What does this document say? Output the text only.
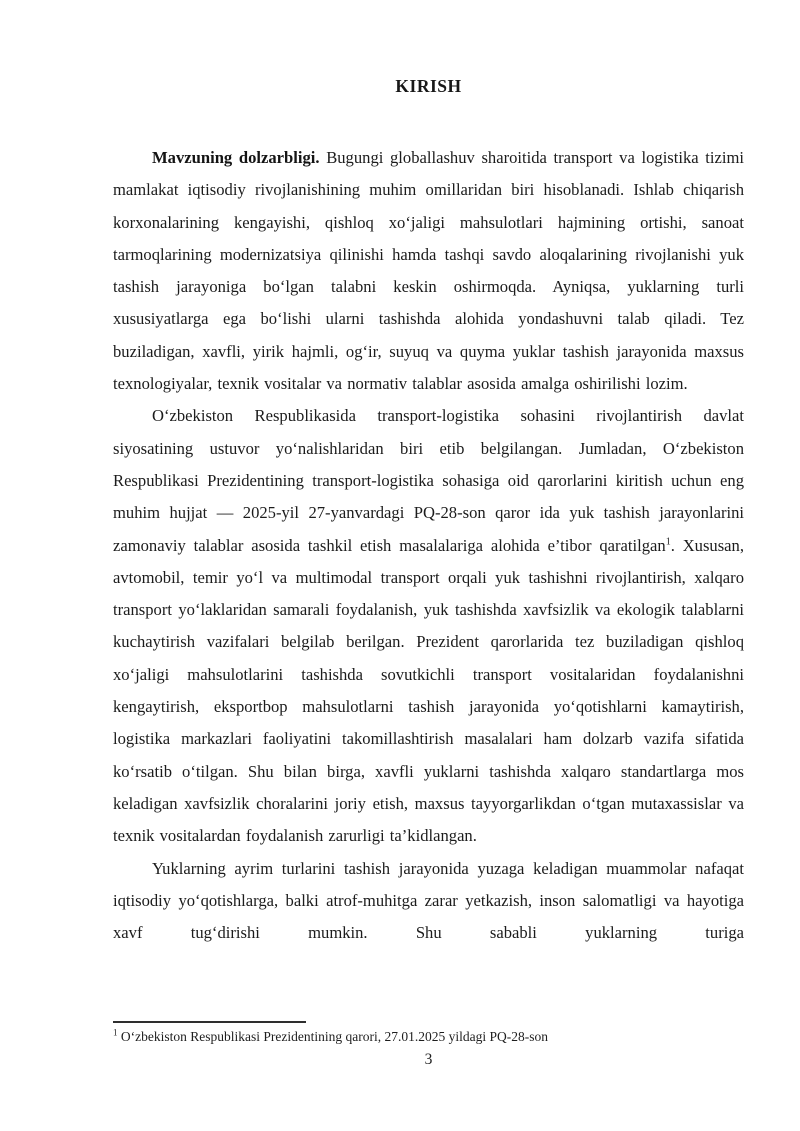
KIRISH

Mavzuning dolzarbligi. Bugungi globallashuv sharoitida transport va logistika tizimi mamlakat iqtisodiy rivojlanishining muhim omillaridan biri hisoblanadi. Ishlab chiqarish korxonalarining kengayishi, qishloq xo‘jaligi mahsulotlari hajmining ortishi, sanoat tarmoqlarining modernizatsiya qilinishi hamda tashqi savdo aloqalarining rivojlanishi yuk tashish jarayoniga bo‘lgan talabni keskin oshirmoqda. Ayniqsa, yuklarning turli xususiyatlarga ega bo‘lishi ularni tashishda alohida yondashuvni talab qiladi. Tez buziladigan, xavfli, yirik hajmli, og‘ir, suyuq va quyma yuklar tashish jarayonida maxsus texnologiyalar, texnik vositalar va normativ talablar asosida amalga oshirilishi lozim.

O‘zbekiston Respublikasida transport-logistika sohasini rivojlantirish davlat siyosatining ustuvor yo‘nalishlaridan biri etib belgilangan. Jumladan, O‘zbekiston Respublikasi Prezidentining transport-logistika sohasiga oid qarorlarini kiritish uchun eng muhim hujjat — 2025-yil 27-yanvardagi PQ-28-son qaror ida yuk tashish jarayonlarini zamonaviy talablar asosida tashkil etish masalalariga alohida e’tibor qaratilgan$^1$. Xususan, avtomobil, temir yo‘l va multimodal transport orqali yuk tashishni rivojlantirish, xalqaro transport yo‘laklaridan samarali foydalanish, yuk tashishda xavfsizlik va ekologik talablarni kuchaytirish vazifalari belgilab berilgan. Prezident qarorlarida tez buziladigan qishloq xo‘jaligi mahsulotlarini tashishda sovutkichli transport vositalaridan foydalanishni kengaytirish, eksportbop mahsulotlarni tashish jarayonida yo‘qotishlarni kamaytirish, logistika markazlari faoliyatini takomillashtirish masalalari ham dolzarb vazifa sifatida ko‘rsatib o‘tilgan. Shu bilan birga, xavfli yuklarni tashishda xalqaro standartlarga mos keladigan xavfsizlik choralarini joriy etish, maxsus tayyorgarlikdan o‘tgan mutaxassislar va texnik vositalardan foydalanish zarurligi ta’kidlangan.

Yuklarning ayrim turlarini tashish jarayonida yuzaga keladigan muammolar nafaqat iqtisodiy yo‘qotishlarga, balki atrof-muhitga zarar yetkazish, inson salomatligi va hayotiga xavf tug‘dirishi mumkin. Shu sababli yuklarning turiga

$^1$ O‘zbekiston Respublikasi Prezidentining qarori, 27.01.2025 yildagi PQ-28-son
3
